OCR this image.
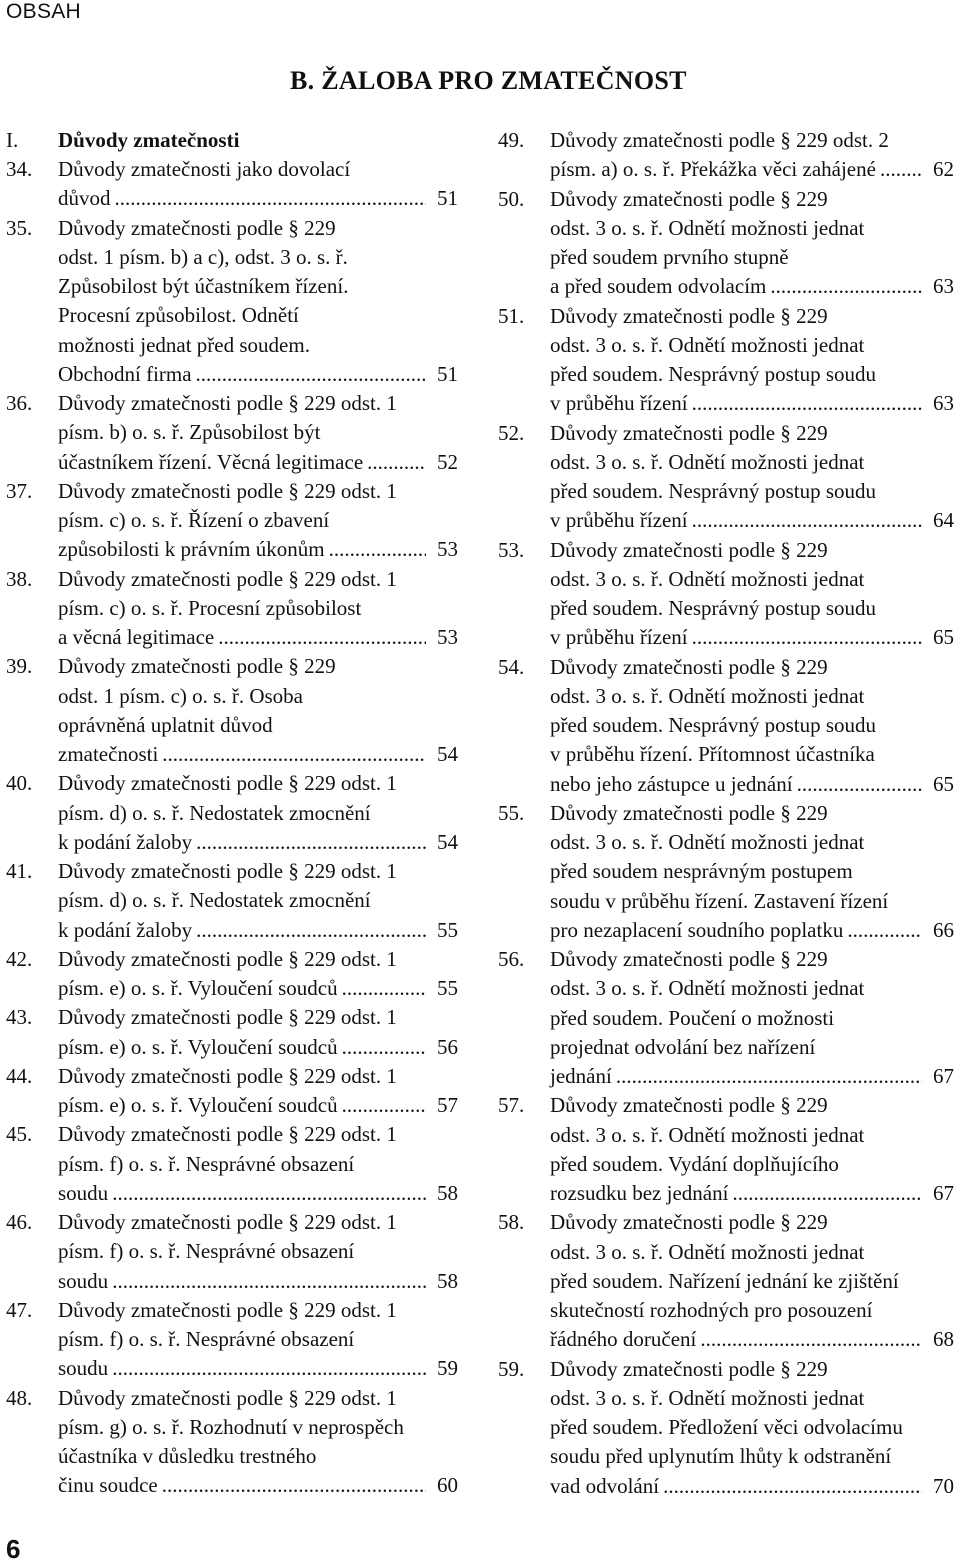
OBSAH
B. ŽALOBA PRO ZMATEČNOST
I. Důvody zmatečnosti
34. Důvody zmatečnosti jako dovolací
důvod .....	51
35. Důvody zmatečnosti podle § 229
odst. 1 písm. b) a c), odst. 3 o. s. ř.
Způsobilost být účastníkem řízení.
Procesní způsobilost. Odnětí
možnosti jednat před soudem.
Obchodní firma .....	51
36. Důvody zmatečnosti podle § 229 odst. 1
písm. b) o. s. ř. Způsobilost být
účastníkem řízení. Věcná legitimace .....	52
37. Důvody zmatečnosti podle § 229 odst. 1
písm. c) o. s. ř. Řízení o zbavení
způsobilosti k právním úkonům .....	53
38. Důvody zmatečnosti podle § 229 odst. 1
písm. c) o. s. ř. Procesní způsobilost
a věcná legitimace .....	53
39. Důvody zmatečnosti podle § 229
odst. 1 písm. c) o. s. ř. Osoba
oprávněná uplatnit důvod
zmatečnosti .....	54
40. Důvody zmatečnosti podle § 229 odst. 1
písm. d) o. s. ř. Nedostatek zmocnění
k podání žaloby .....	54
41. Důvody zmatečnosti podle § 229 odst. 1
písm. d) o. s. ř. Nedostatek zmocnění
k podání žaloby .....	55
42. Důvody zmatečnosti podle § 229 odst. 1
písm. e) o. s. ř. Vyloučení soudců .....	55
43. Důvody zmatečnosti podle § 229 odst. 1
písm. e) o. s. ř. Vyloučení soudců .....	56
44. Důvody zmatečnosti podle § 229 odst. 1
písm. e) o. s. ř. Vyloučení soudců .....	57
45. Důvody zmatečnosti podle § 229 odst. 1
písm. f) o. s. ř. Nesprávné obsazení
soudu .....	58
46. Důvody zmatečnosti podle § 229 odst. 1
písm. f) o. s. ř. Nesprávné obsazení
soudu .....	58
47. Důvody zmatečnosti podle § 229 odst. 1
písm. f) o. s. ř. Nesprávné obsazení
soudu .....	59
48. Důvody zmatečnosti podle § 229 odst. 1
písm. g) o. s. ř. Rozhodnutí v neprospěch
účastníka v důsledku trestného
činu soudce .....	60
49. Důvody zmatečnosti podle § 229 odst. 2
písm. a) o. s. ř. Překážka věci zahájené .....	62
50. Důvody zmatečnosti podle § 229
odst. 3 o. s. ř. Odnětí možnosti jednat
před soudem prvního stupně
a před soudem odvolacím .....	63
51. Důvody zmatečnosti podle § 229
odst. 3 o. s. ř. Odnětí možnosti jednat
před soudem. Nesprávný postup soudu
v průběhu řízení .....	63
52. Důvody zmatečnosti podle § 229
odst. 3 o. s. ř. Odnětí možnosti jednat
před soudem. Nesprávný postup soudu
v průběhu řízení .....	64
53. Důvody zmatečnosti podle § 229
odst. 3 o. s. ř. Odnětí možnosti jednat
před soudem. Nesprávný postup soudu
v průběhu řízení .....	65
54. Důvody zmatečnosti podle § 229
odst. 3 o. s. ř. Odnětí možnosti jednat
před soudem. Nesprávný postup soudu
v průběhu řízení. Přítomnost účastníka
nebo jeho zástupce u jednání .....	65
55. Důvody zmatečnosti podle § 229
odst. 3 o. s. ř. Odnětí možnosti jednat
před soudem nesprávným postupem
soudu v průběhu řízení. Zastavení řízení
pro nezaplacení soudního poplatku .....	66
56. Důvody zmatečnosti podle § 229
odst. 3 o. s. ř. Odnětí možnosti jednat
před soudem. Poučení o možnosti
projednat odvolání bez nařízení
jednání .....	67
57. Důvody zmatečnosti podle § 229
odst. 3 o. s. ř. Odnětí možnosti jednat
před soudem. Vydání doplňujícího
rozsudku bez jednání .....	67
58. Důvody zmatečnosti podle § 229
odst. 3 o. s. ř. Odnětí možnosti jednat
před soudem. Nařízení jednání ke zjištění
skutečností rozhodných pro posouzení
řádného doručení .....	68
59. Důvody zmatečnosti podle § 229
odst. 3 o. s. ř. Odnětí možnosti jednat
před soudem. Předložení věci odvolacímu
soudu před uplynutím lhůty k odstranění
vad odvolání .....	70
6
